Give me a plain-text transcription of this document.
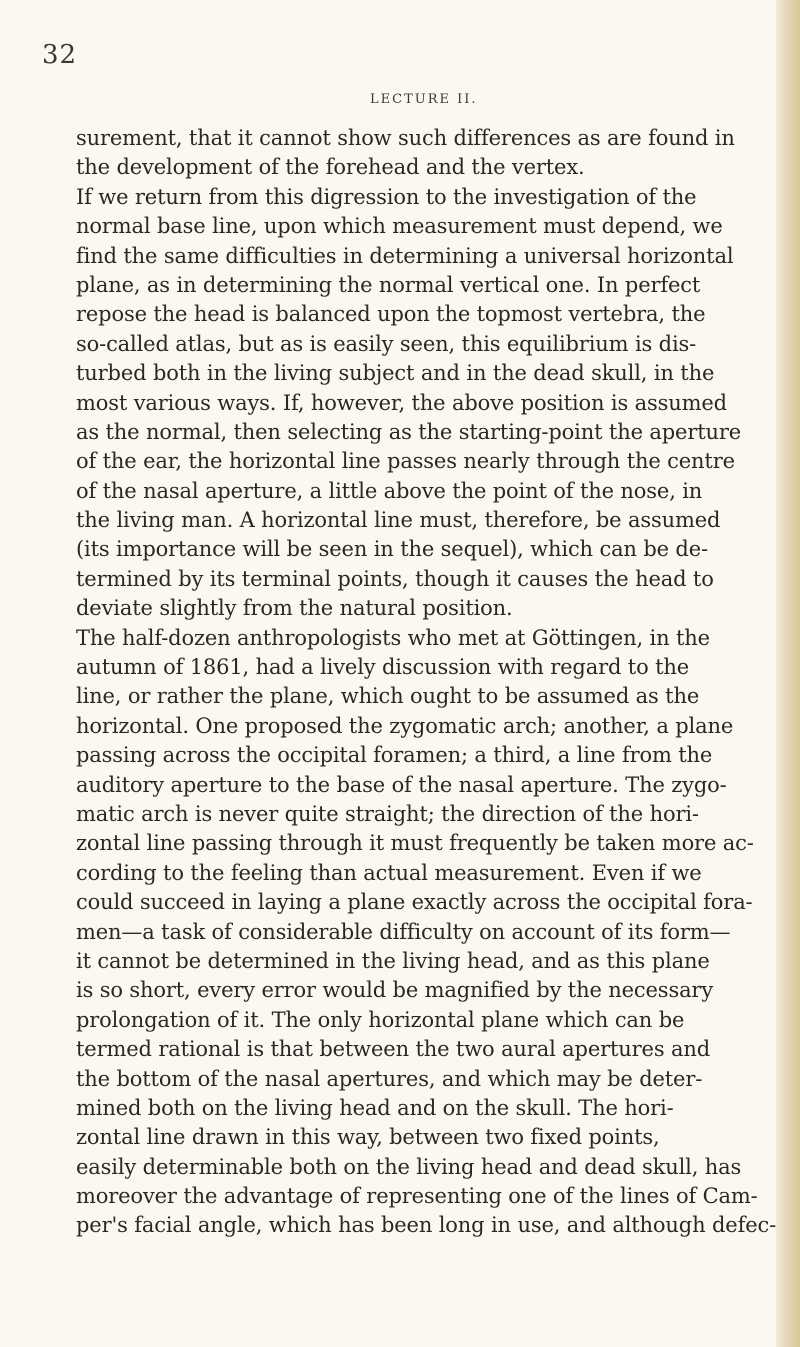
32
LECTURE II.
surement, that it cannot show such differences as are found in
the development of the forehead and the vertex.
If we return from this digression to the investigation of the
normal base line, upon which measurement must depend, we
find the same difficulties in determining a universal horizontal
plane, as in determining the normal vertical one. In perfect
repose the head is balanced upon the topmost vertebra, the
so-called atlas, but as is easily seen, this equilibrium is dis-
turbed both in the living subject and in the dead skull, in the
most various ways. If, however, the above position is assumed
as the normal, then selecting as the starting-point the aperture
of the ear, the horizontal line passes nearly through the centre
of the nasal aperture, a little above the point of the nose, in
the living man. A horizontal line must, therefore, be assumed
(its importance will be seen in the sequel), which can be de-
termined by its terminal points, though it causes the head to
deviate slightly from the natural position.
The half-dozen anthropologists who met at Göttingen, in the
autumn of 1861, had a lively discussion with regard to the
line, or rather the plane, which ought to be assumed as the
horizontal. One proposed the zygomatic arch; another, a plane
passing across the occipital foramen; a third, a line from the
auditory aperture to the base of the nasal aperture. The zygo-
matic arch is never quite straight; the direction of the hori-
zontal line passing through it must frequently be taken more ac-
cording to the feeling than actual measurement. Even if we
could succeed in laying a plane exactly across the occipital fora-
men—a task of considerable difficulty on account of its form—
it cannot be determined in the living head, and as this plane
is so short, every error would be magnified by the necessary
prolongation of it. The only horizontal plane which can be
termed rational is that between the two aural apertures and
the bottom of the nasal apertures, and which may be deter-
mined both on the living head and on the skull. The hori-
zontal line drawn in this way, between two fixed points,
easily determinable both on the living head and dead skull, has
moreover the advantage of representing one of the lines of Cam-
per's facial angle, which has been long in use, and although defec-
